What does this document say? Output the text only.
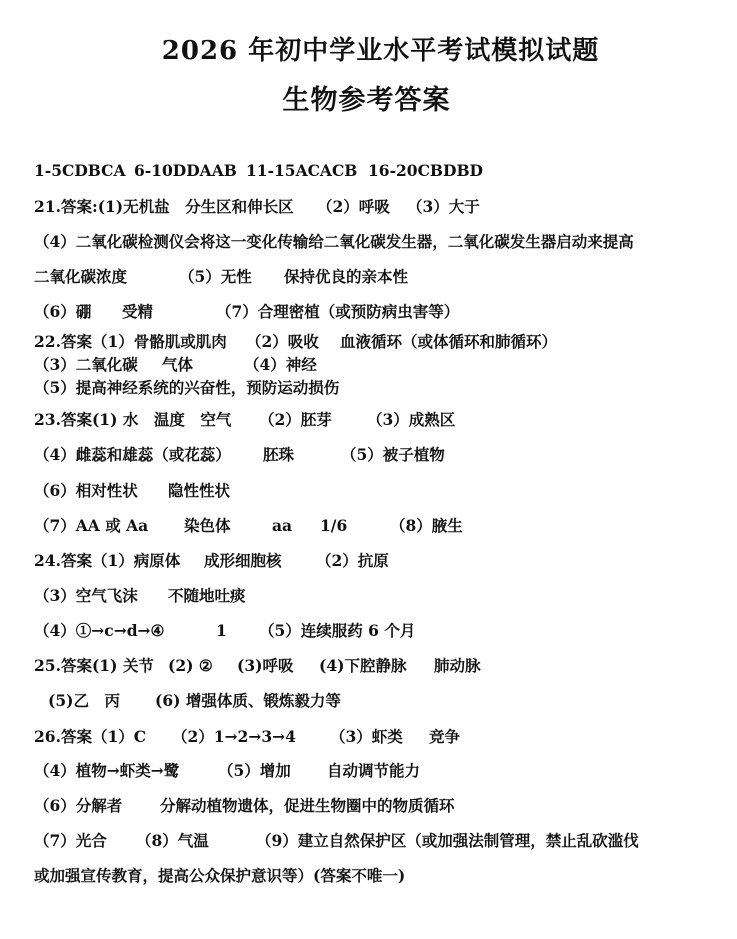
2026 年初中学业水平考试模拟试题
生物参考答案
1-5CDBCA 6-10DDAAB 11-15ACACB 16-20CBDBD
21.答案:(1)无机盐　分生区和伸长区 （2）呼吸 （3）大于
（4）二氧化碳检测仪会将这一变化传输给二氧化碳发生器，二氧化碳发生器启动来提高
二氧化碳浓度	（5）无性 保持优良的亲本性
（6）硼 受精	（7）合理密植（或预防病虫害等）
22.答案（1）骨骼肌或肌肉 （2）吸收 血液循环（或体循环和肺循环）
（3）二氧化碳 气体	（4）神经
（5）提高神经系统的兴奋性，预防运动损伤
23.答案(1) 水　温度　空气 （2）胚芽 （3）成熟区
（4）雌蕊和雄蕊（或花蕊） 胚珠	（5）被子植物
（6）相对性状 隐性性状
（7）AA 或 Aa 染色体	aa 1/6	（8）腋生
24.答案（1）病原体 成形细胞核 （2）抗原
（3）空气飞沫 不随地吐痰
（4）①→c→d→④	1 （5）连续服药 6 个月
25.答案(1) 关节 (2) ② (3)呼吸 (4)下腔静脉 肺动脉
(5)乙　丙 (6) 增强体质、锻炼毅力等
26.答案（1）C （2）1→2→3→4 （3）虾类 竞争
（4）植物→虾类→鹭 （5）增加 自动调节能力
（6）分解者 分解动植物遗体，促进生物圈中的物质循环
（7）光合 （8）气温	（9）建立自然保护区（或加强法制管理，禁止乱砍滥伐
或加强宣传教育，提高公众保护意识等）(答案不唯一)
